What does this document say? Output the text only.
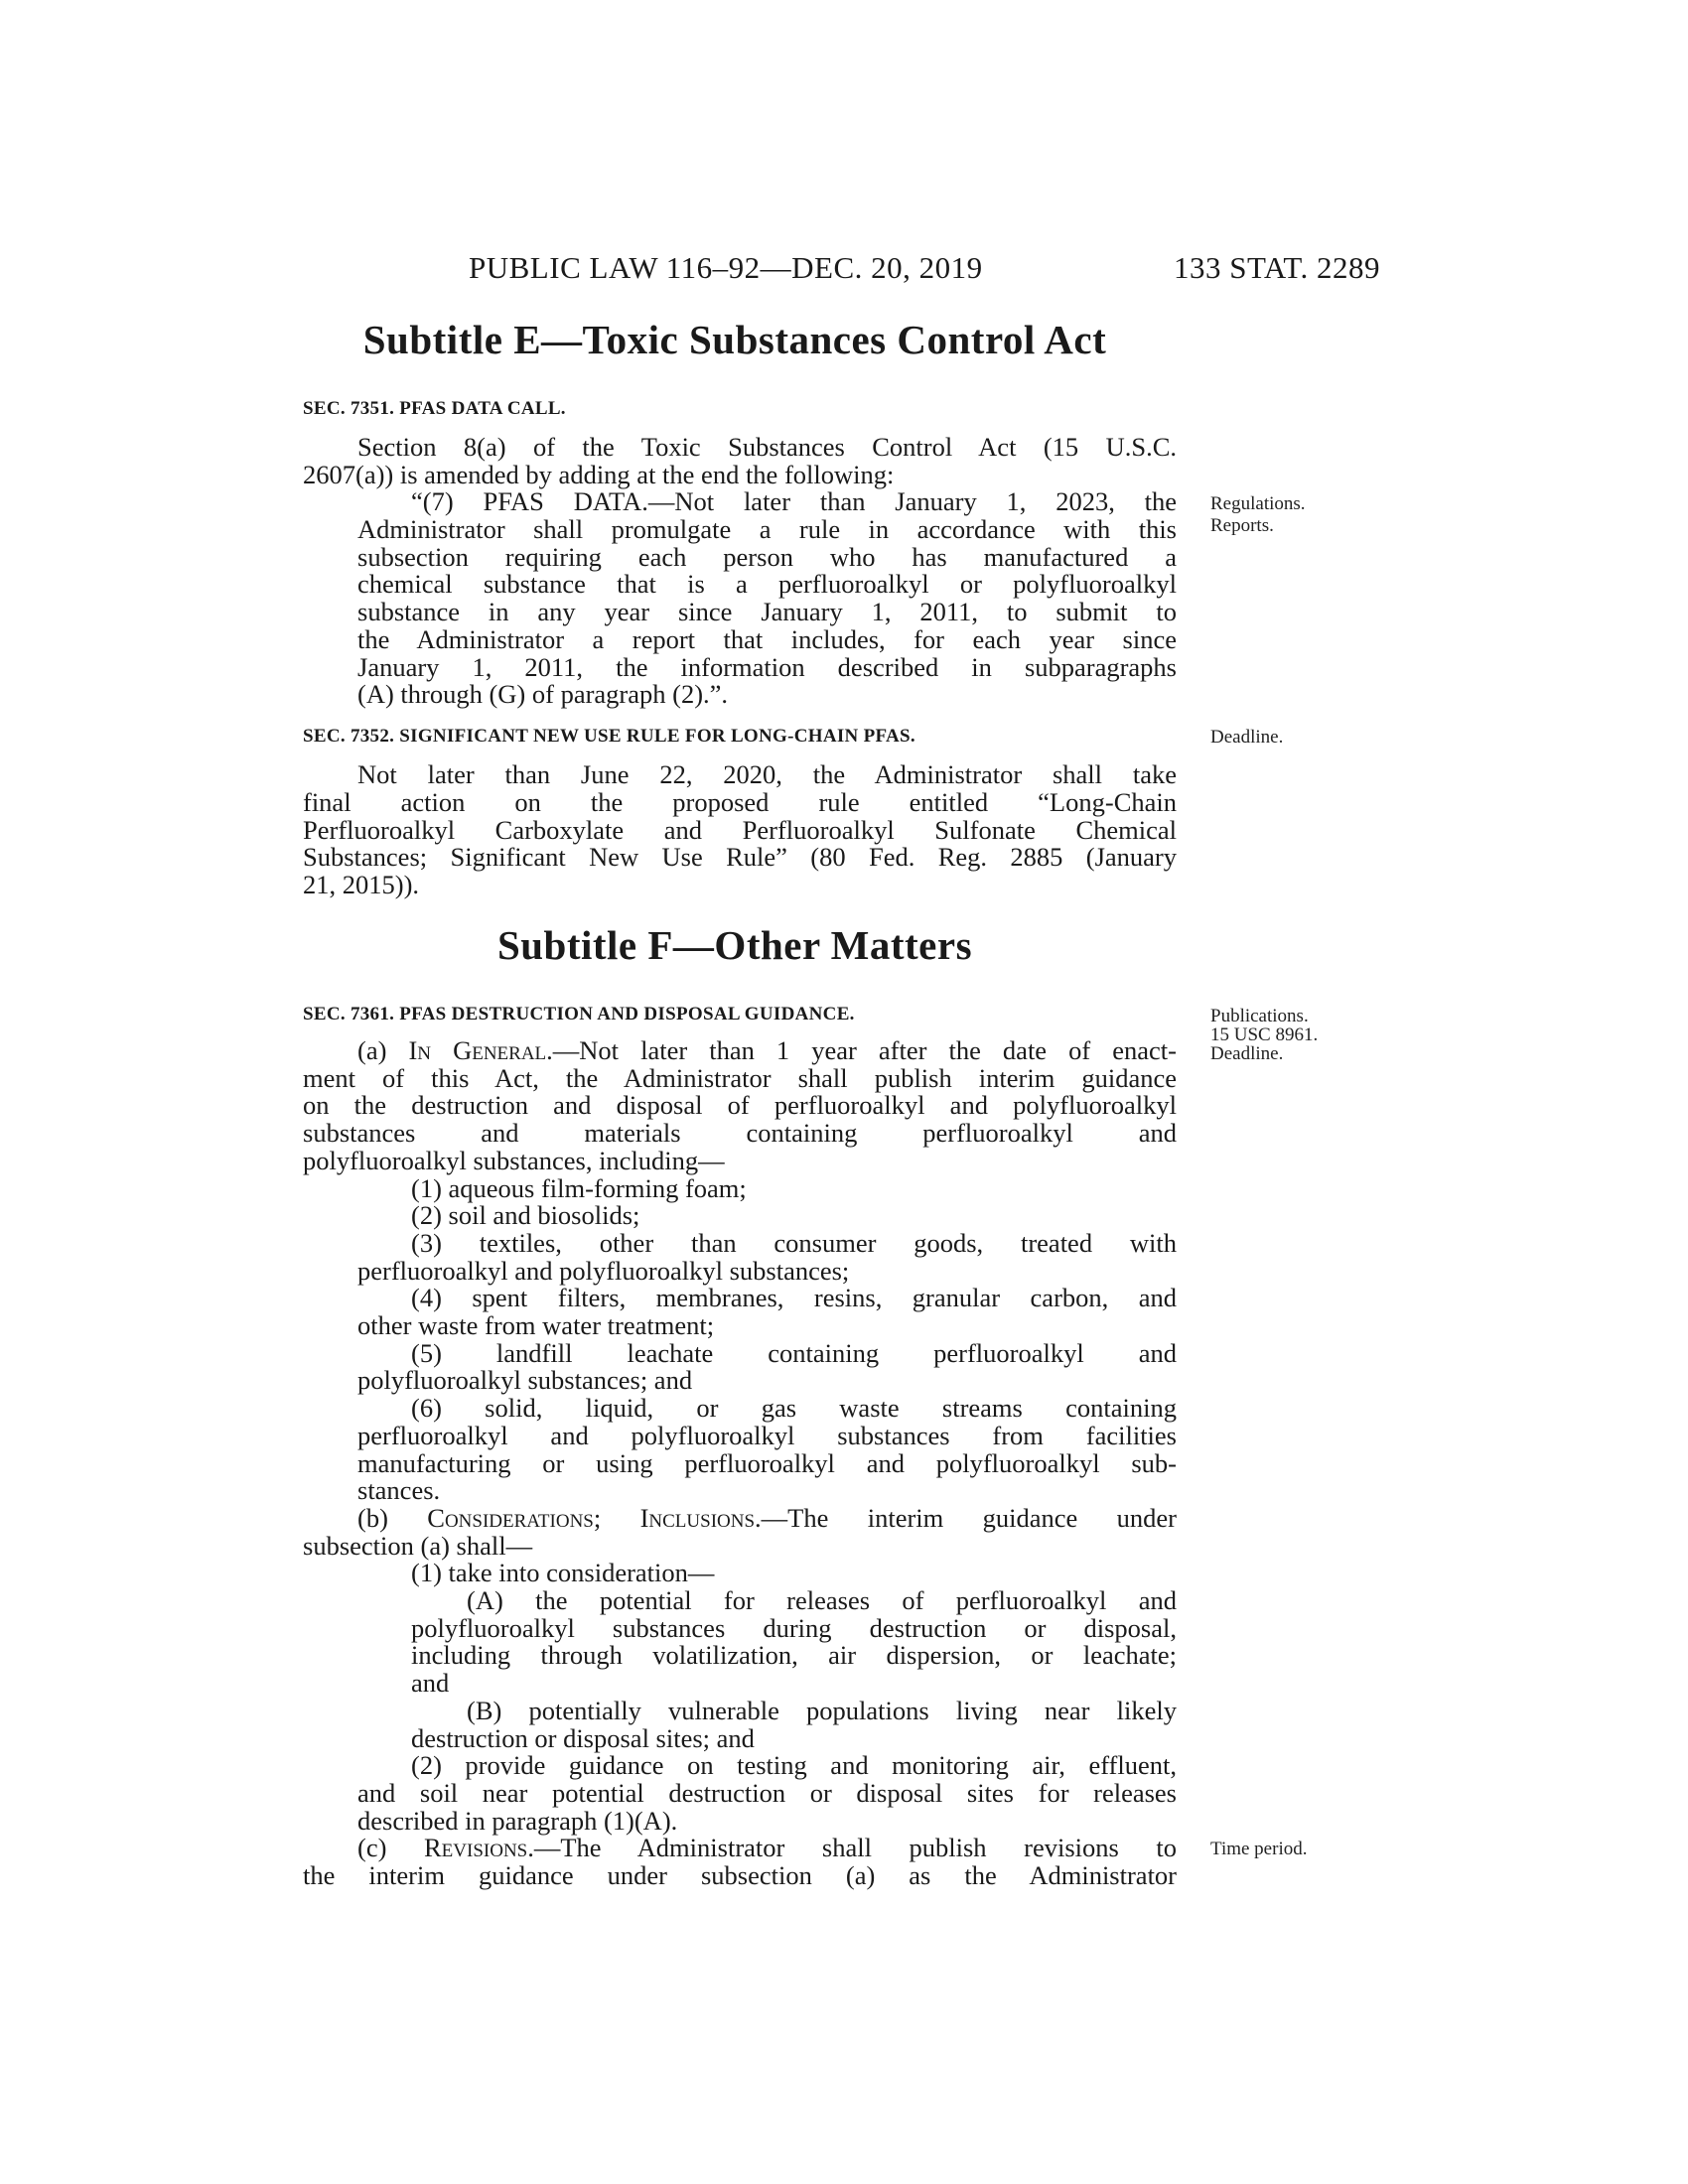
PUBLIC LAW 116–92—DEC. 20, 2019	133 STAT. 2289
Subtitle E—Toxic Substances Control Act
SEC. 7351. PFAS DATA CALL.
Section 8(a) of the Toxic Substances Control Act (15 U.S.C.
2607(a)) is amended by adding at the end the following:
“(7) PFAS DATA.—Not later than January 1, 2023, the
Administrator shall promulgate a rule in accordance with this
subsection requiring each person who has manufactured a
chemical substance that is a perfluoroalkyl or polyfluoroalkyl
substance in any year since January 1, 2011, to submit to
the Administrator a report that includes, for each year since
January 1, 2011, the information described in subparagraphs
(A) through (G) of paragraph (2).”.
SEC. 7352. SIGNIFICANT NEW USE RULE FOR LONG-CHAIN PFAS.
Not later than June 22, 2020, the Administrator shall take
final action on the proposed rule entitled “Long-Chain
Perfluoroalkyl Carboxylate and Perfluoroalkyl Sulfonate Chemical
Substances; Significant New Use Rule” (80 Fed. Reg. 2885 (January
21, 2015)).
Subtitle F—Other Matters
SEC. 7361. PFAS DESTRUCTION AND DISPOSAL GUIDANCE.
(a) In General.—Not later than 1 year after the date of enact-
ment of this Act, the Administrator shall publish interim guidance
on the destruction and disposal of perfluoroalkyl and polyfluoroalkyl
substances and materials containing perfluoroalkyl and
polyfluoroalkyl substances, including—
(1) aqueous film-forming foam;
(2) soil and biosolids;
(3) textiles, other than consumer goods, treated with
perfluoroalkyl and polyfluoroalkyl substances;
(4) spent filters, membranes, resins, granular carbon, and
other waste from water treatment;
(5) landfill leachate containing perfluoroalkyl and
polyfluoroalkyl substances; and
(6) solid, liquid, or gas waste streams containing
perfluoroalkyl and polyfluoroalkyl substances from facilities
manufacturing or using perfluoroalkyl and polyfluoroalkyl sub-
stances.
(b) Considerations; Inclusions.—The interim guidance under
subsection (a) shall—
(1) take into consideration—
(A) the potential for releases of perfluoroalkyl and
polyfluoroalkyl substances during destruction or disposal,
including through volatilization, air dispersion, or leachate;
and
(B) potentially vulnerable populations living near likely
destruction or disposal sites; and
(2) provide guidance on testing and monitoring air, effluent,
and soil near potential destruction or disposal sites for releases
described in paragraph (1)(A).
(c) Revisions.—The Administrator shall publish revisions to
the interim guidance under subsection (a) as the Administrator
Regulations.
Reports.
Deadline.
Publications.
15 USC 8961.
Deadline.
Time period.
